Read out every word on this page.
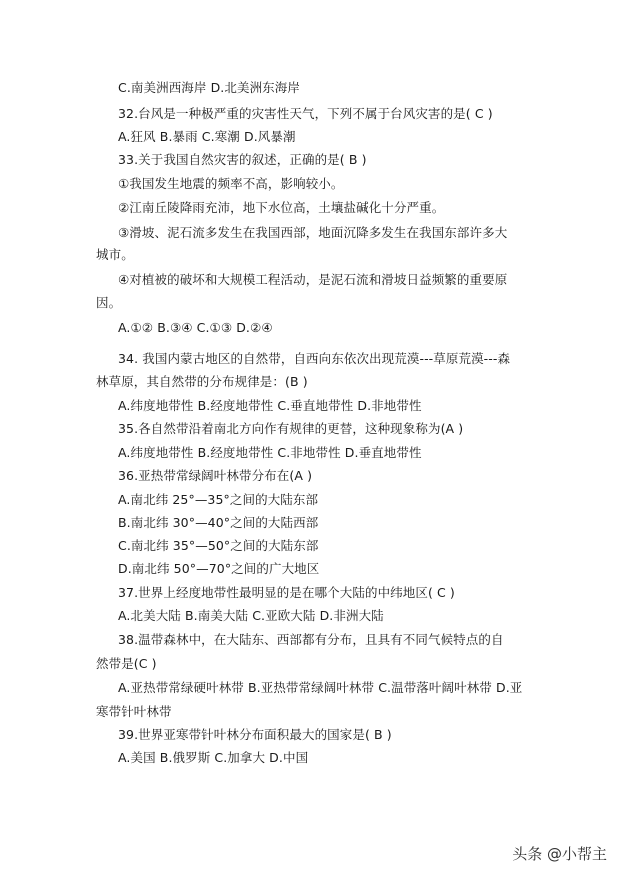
C.南美洲西海岸 D.北美洲东海岸
32.台风是一种极严重的灾害性天气，下列不属于台风灾害的是( C )
A.狂风 B.暴雨 C.寒潮 D.风暴潮
33.关于我国自然灾害的叙述，正确的是( B )
①我国发生地震的频率不高，影响较小。
②江南丘陵降雨充沛，地下水位高，土壤盐碱化十分严重。
③滑坡、泥石流多发生在我国西部，地面沉降多发生在我国东部许多大
城市。
④对植被的破坏和大规模工程活动，是泥石流和滑坡日益频繁的重要原
因。
A.①② B.③④ C.①③ D.②④
34. 我国内蒙古地区的自然带，自西向东依次出现荒漠---草原荒漠---森
林草原，其自然带的分布规律是：(B )
A.纬度地带性 B.经度地带性 C.垂直地带性 D.非地带性
35.各自然带沿着南北方向作有规律的更替，这种现象称为(A )
A.纬度地带性 B.经度地带性 C.非地带性 D.垂直地带性
36.亚热带常绿阔叶林带分布在(A )
A.南北纬 25°—35°之间的大陆东部
B.南北纬 30°—40°之间的大陆西部
C.南北纬 35°—50°之间的大陆东部
D.南北纬 50°—70°之间的广大地区
37.世界上经度地带性最明显的是在哪个大陆的中纬地区( C )
A.北美大陆 B.南美大陆 C.亚欧大陆 D.非洲大陆
38.温带森林中，在大陆东、西部都有分布，且具有不同气候特点的自
然带是(C )
A.亚热带常绿硬叶林带 B.亚热带常绿阔叶林带 C.温带落叶阔叶林带 D.亚
寒带针叶林带
39.世界亚寒带针叶林分布面积最大的国家是( B )
A.美国 B.俄罗斯 C.加拿大 D.中国
头条 @小帮主
